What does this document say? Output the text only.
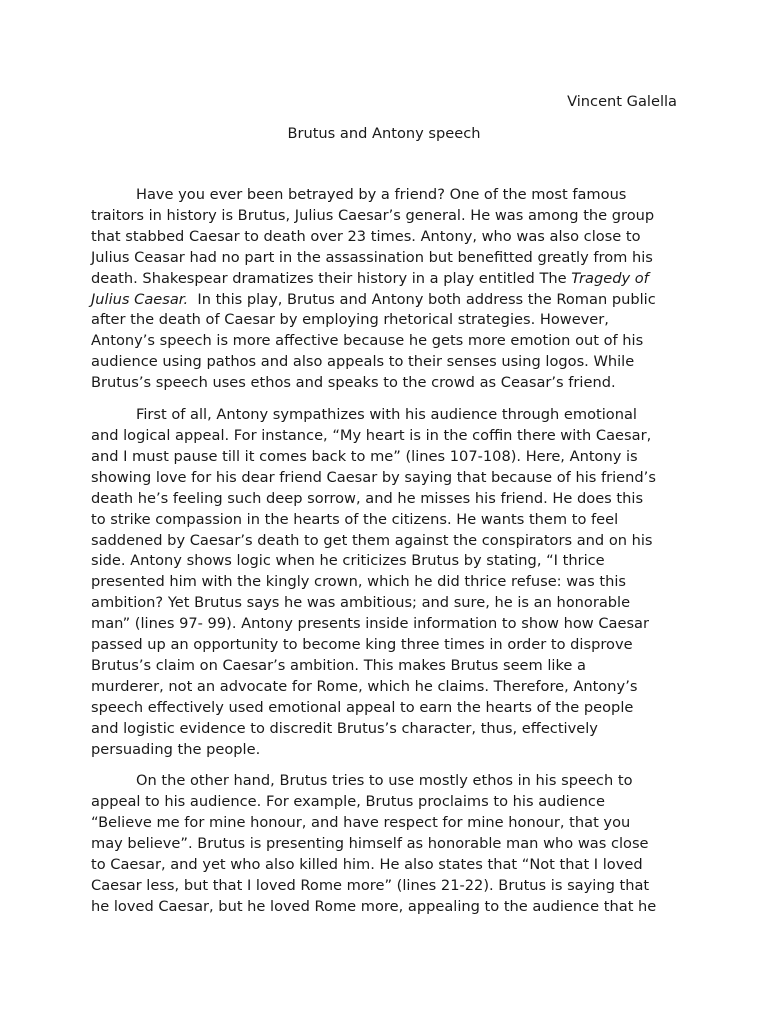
Vincent Galella
Brutus and Antony speech
Have you ever been betrayed by a friend? One of the most famous
traitors in history is Brutus, Julius Caesar’s general. He was among the group
that stabbed Caesar to death over 23 times. Antony, who was also close to
Julius Ceasar had no part in the assassination but benefitted greatly from his
death. Shakespear dramatizes their history in a play entitled The Tragedy of
Julius Caesar.  In this play, Brutus and Antony both address the Roman public
after the death of Caesar by employing rhetorical strategies. However,
Antony’s speech is more affective because he gets more emotion out of his
audience using pathos and also appeals to their senses using logos. While
Brutus’s speech uses ethos and speaks to the crowd as Ceasar’s friend.
First of all, Antony sympathizes with his audience through emotional
and logical appeal. For instance, “My heart is in the coffin there with Caesar,
and I must pause till it comes back to me” (lines 107-108). Here, Antony is
showing love for his dear friend Caesar by saying that because of his friend’s
death he’s feeling such deep sorrow, and he misses his friend. He does this
to strike compassion in the hearts of the citizens. He wants them to feel
saddened by Caesar’s death to get them against the conspirators and on his
side. Antony shows logic when he criticizes Brutus by stating, “I thrice
presented him with the kingly crown, which he did thrice refuse: was this
ambition? Yet Brutus says he was ambitious; and sure, he is an honorable
man” (lines 97- 99). Antony presents inside information to show how Caesar
passed up an opportunity to become king three times in order to disprove
Brutus’s claim on Caesar’s ambition. This makes Brutus seem like a
murderer, not an advocate for Rome, which he claims. Therefore, Antony’s
speech effectively used emotional appeal to earn the hearts of the people
and logistic evidence to discredit Brutus’s character, thus, effectively
persuading the people.
On the other hand, Brutus tries to use mostly ethos in his speech to
appeal to his audience. For example, Brutus proclaims to his audience
“Believe me for mine honour, and have respect for mine honour, that you
may believe”. Brutus is presenting himself as honorable man who was close
to Caesar, and yet who also killed him. He also states that “Not that I loved
Caesar less, but that I loved Rome more” (lines 21-22). Brutus is saying that
he loved Caesar, but he loved Rome more, appealing to the audience that he
